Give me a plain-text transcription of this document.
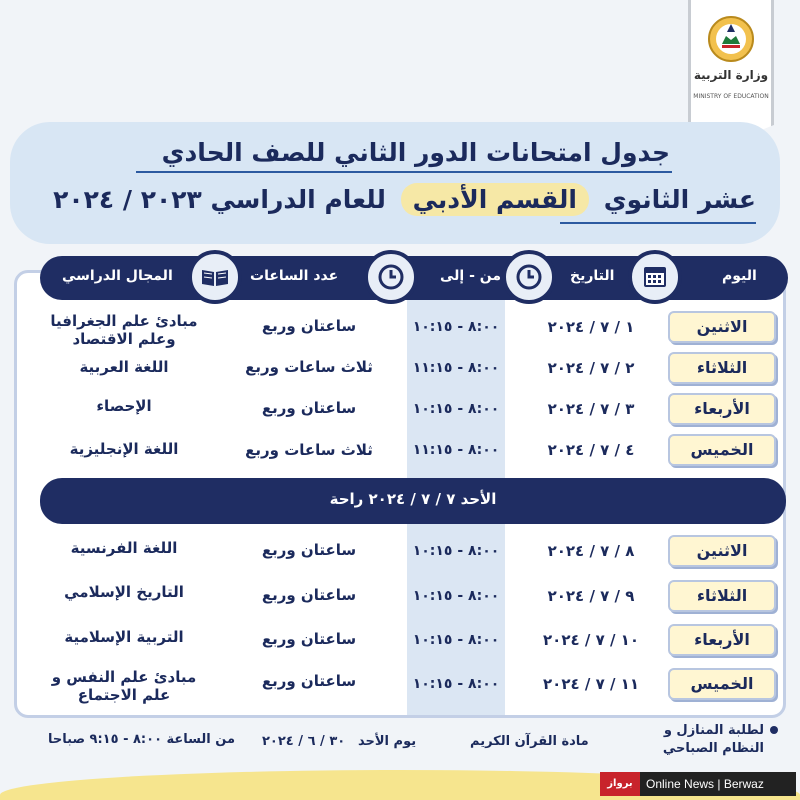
وزارة التربية
MINISTRY OF EDUCATION
جدول امتحانات الدور الثاني للصف الحادي
عشر الثانوي القسم الأدبي للعام الدراسي ٢٠٢٣ / ٢٠٢٤
اليوم
التاريخ
من - إلى
عدد الساعات
المجال الدراسي
الاثنين
١ / ٧ / ٢٠٢٤
٨:٠٠ - ١٠:١٥
ساعتان وربع
مبادئ علم الجغرافيا وعلم الاقتصاد
الثلاثاء
٢ / ٧ / ٢٠٢٤
٨:٠٠ - ١١:١٥
ثلاث ساعات وربع
اللغة العربية
الأربعاء
٣ / ٧ / ٢٠٢٤
٨:٠٠ - ١٠:١٥
ساعتان وربع
الإحصاء
الخميس
٤ / ٧ / ٢٠٢٤
٨:٠٠ - ١١:١٥
ثلاث ساعات وربع
اللغة الإنجليزية
الأحد ٧ / ٧ / ٢٠٢٤ راحة
الاثنين
٨ / ٧ / ٢٠٢٤
٨:٠٠ - ١٠:١٥
ساعتان وربع
اللغة الفرنسية
الثلاثاء
٩ / ٧ / ٢٠٢٤
٨:٠٠ - ١٠:١٥
ساعتان وربع
التاريخ الإسلامي
الأربعاء
١٠ / ٧ / ٢٠٢٤
٨:٠٠ - ١٠:١٥
ساعتان وربع
التربية الإسلامية
الخميس
١١ / ٧ / ٢٠٢٤
٨:٠٠ - ١٠:١٥
ساعتان وربع
مبادئ علم النفس و علم الاجتماع
لطلبة المنازل و النظام الصباحي
مادة القرآن الكريم
يوم الأحد
٣٠ / ٦ / ٢٠٢٤
من الساعة ٨:٠٠ - ٩:١٥ صباحا
برواز	Online News | Berwaz
